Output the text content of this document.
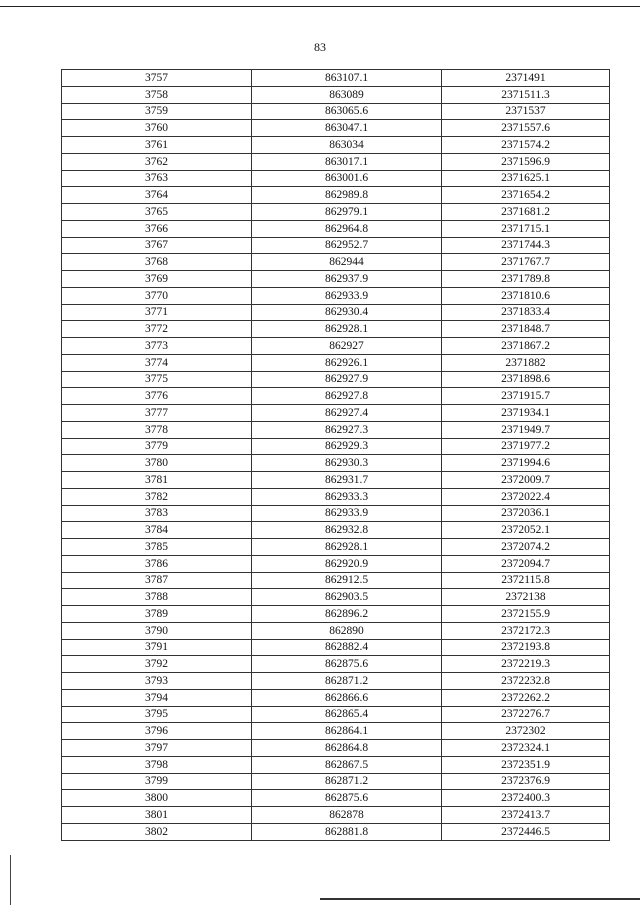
83
3757	863107.1	2371491
3758	863089	2371511.3
3759	863065.6	2371537
3760	863047.1	2371557.6
3761	863034	2371574.2
3762	863017.1	2371596.9
3763	863001.6	2371625.1
3764	862989.8	2371654.2
3765	862979.1	2371681.2
3766	862964.8	2371715.1
3767	862952.7	2371744.3
3768	862944	2371767.7
3769	862937.9	2371789.8
3770	862933.9	2371810.6
3771	862930.4	2371833.4
3772	862928.1	2371848.7
3773	862927	2371867.2
3774	862926.1	2371882
3775	862927.9	2371898.6
3776	862927.8	2371915.7
3777	862927.4	2371934.1
3778	862927.3	2371949.7
3779	862929.3	2371977.2
3780	862930.3	2371994.6
3781	862931.7	2372009.7
3782	862933.3	2372022.4
3783	862933.9	2372036.1
3784	862932.8	2372052.1
3785	862928.1	2372074.2
3786	862920.9	2372094.7
3787	862912.5	2372115.8
3788	862903.5	2372138
3789	862896.2	2372155.9
3790	862890	2372172.3
3791	862882.4	2372193.8
3792	862875.6	2372219.3
3793	862871.2	2372232.8
3794	862866.6	2372262.2
3795	862865.4	2372276.7
3796	862864.1	2372302
3797	862864.8	2372324.1
3798	862867.5	2372351.9
3799	862871.2	2372376.9
3800	862875.6	2372400.3
3801	862878	2372413.7
3802	862881.8	2372446.5
